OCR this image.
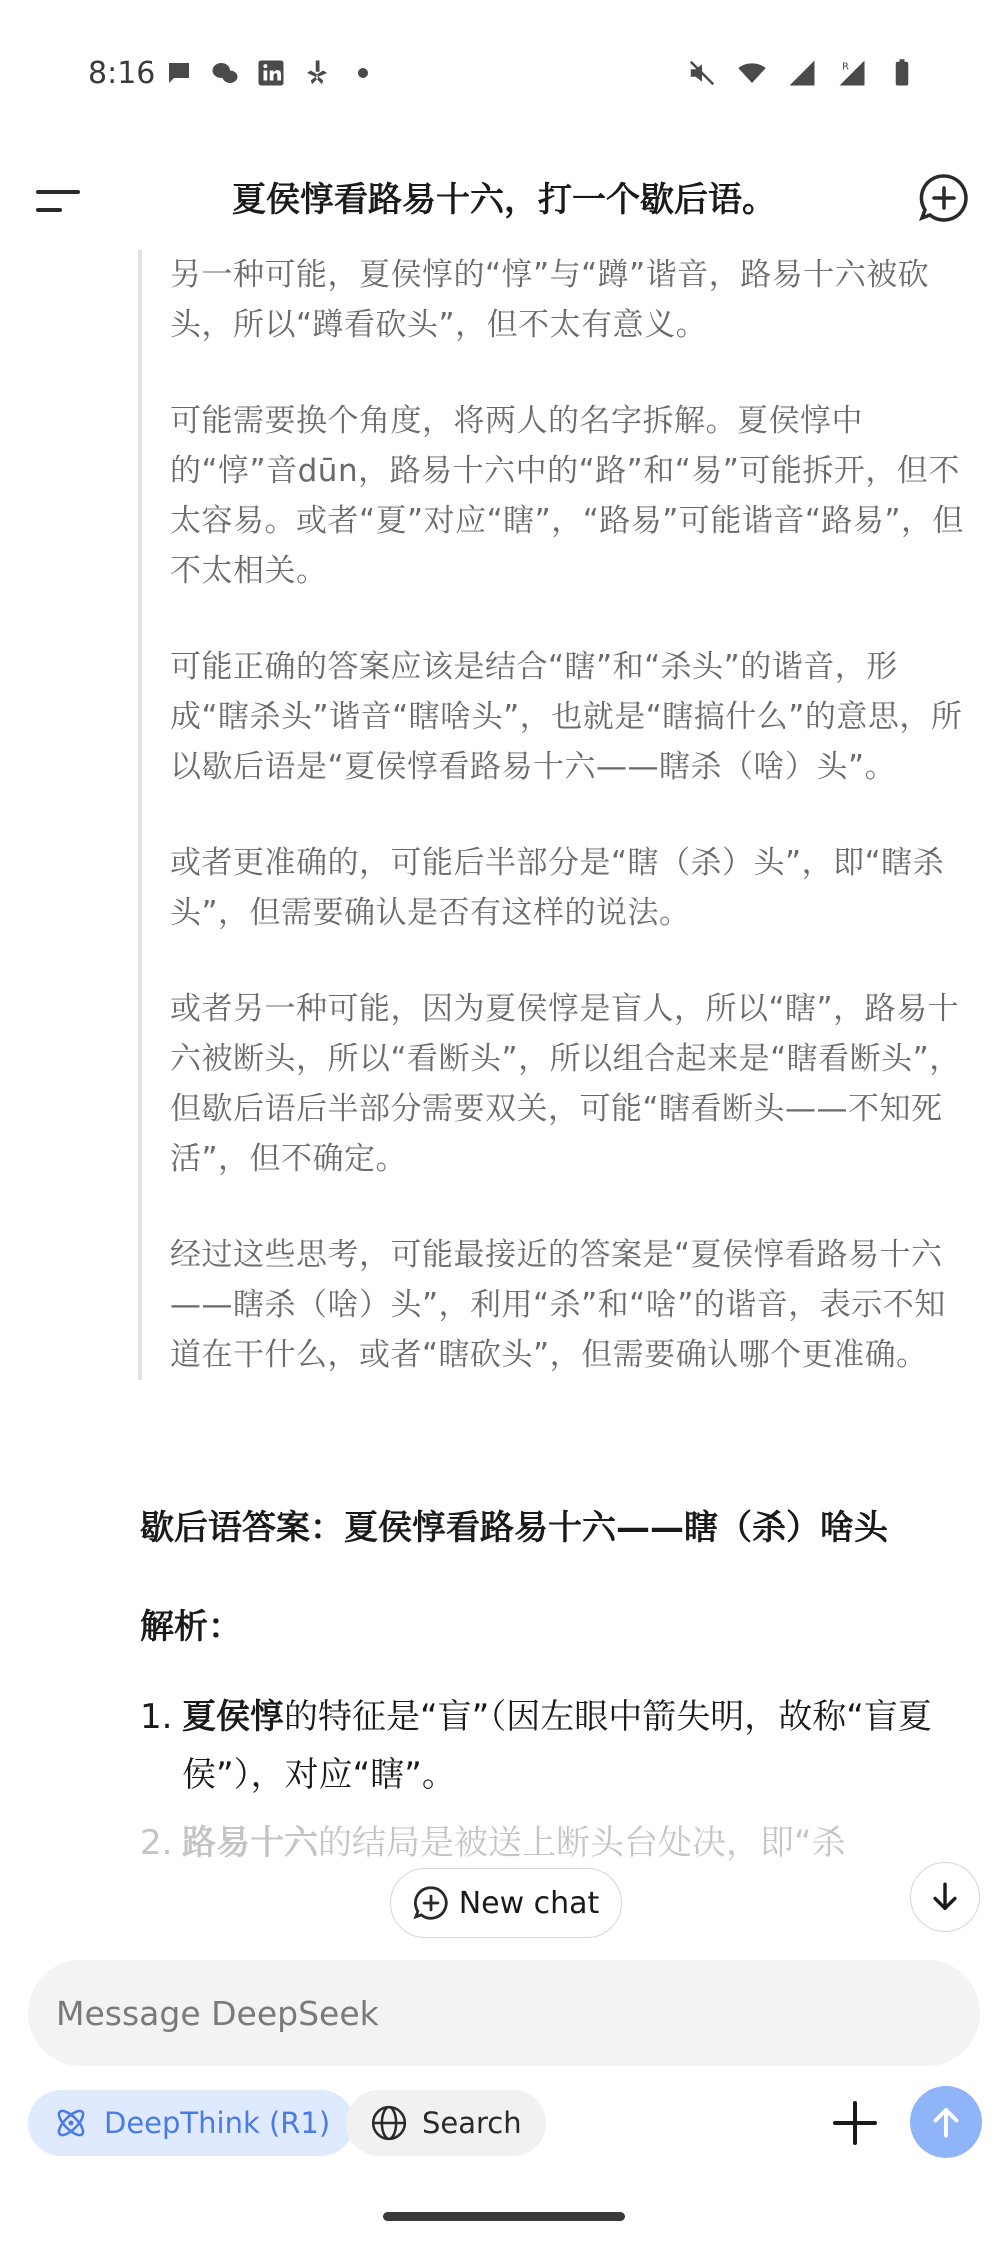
8:16	R
夏侯惇看路易十六，打一个歇后语。

另一种可能，夏侯惇的“惇”与“蹲”谐音，路易十六被砍头，所以“蹲看砍头”，但不太有意义。

可能需要换个角度，将两人的名字拆解。夏侯惇中的“惇”音dūn，路易十六中的“路”和“易”可能拆开，但不太容易。或者“夏”对应“瞎”，“路易”可能谐音“路易”，但不太相关。

可能正确的答案应该是结合“瞎”和“杀头”的谐音，形成“瞎杀头”谐音“瞎啥头”，也就是“瞎搞什么”的意思，所以歇后语是“夏侯惇看路易十六——瞎杀（啥）头”。

或者更准确的，可能后半部分是“瞎（杀）头”，即“瞎杀头”，但需要确认是否有这样的说法。

或者另一种可能，因为夏侯惇是盲人，所以“瞎”，路易十六被断头，所以“看断头”，所以组合起来是“瞎看断头”，但歇后语后半部分需要双关，可能“瞎看断头——不知死活”，但不确定。

经过这些思考，可能最接近的答案是“夏侯惇看路易十六——瞎杀（啥）头”，利用“杀”和“啥”的谐音，表示不知道在干什么，或者“瞎砍头”，但需要确认哪个更准确。

歇后语答案：夏侯惇看路易十六——瞎（杀）啥头

解析：
1. 夏侯惇的特征是“盲”（因左眼中箭失明，故称“盲夏侯”），对应“瞎”。
2. 路易十六的结局是被送上断头台处决，即“杀
New chat
Message DeepSeek
DeepThink (R1)	Search
